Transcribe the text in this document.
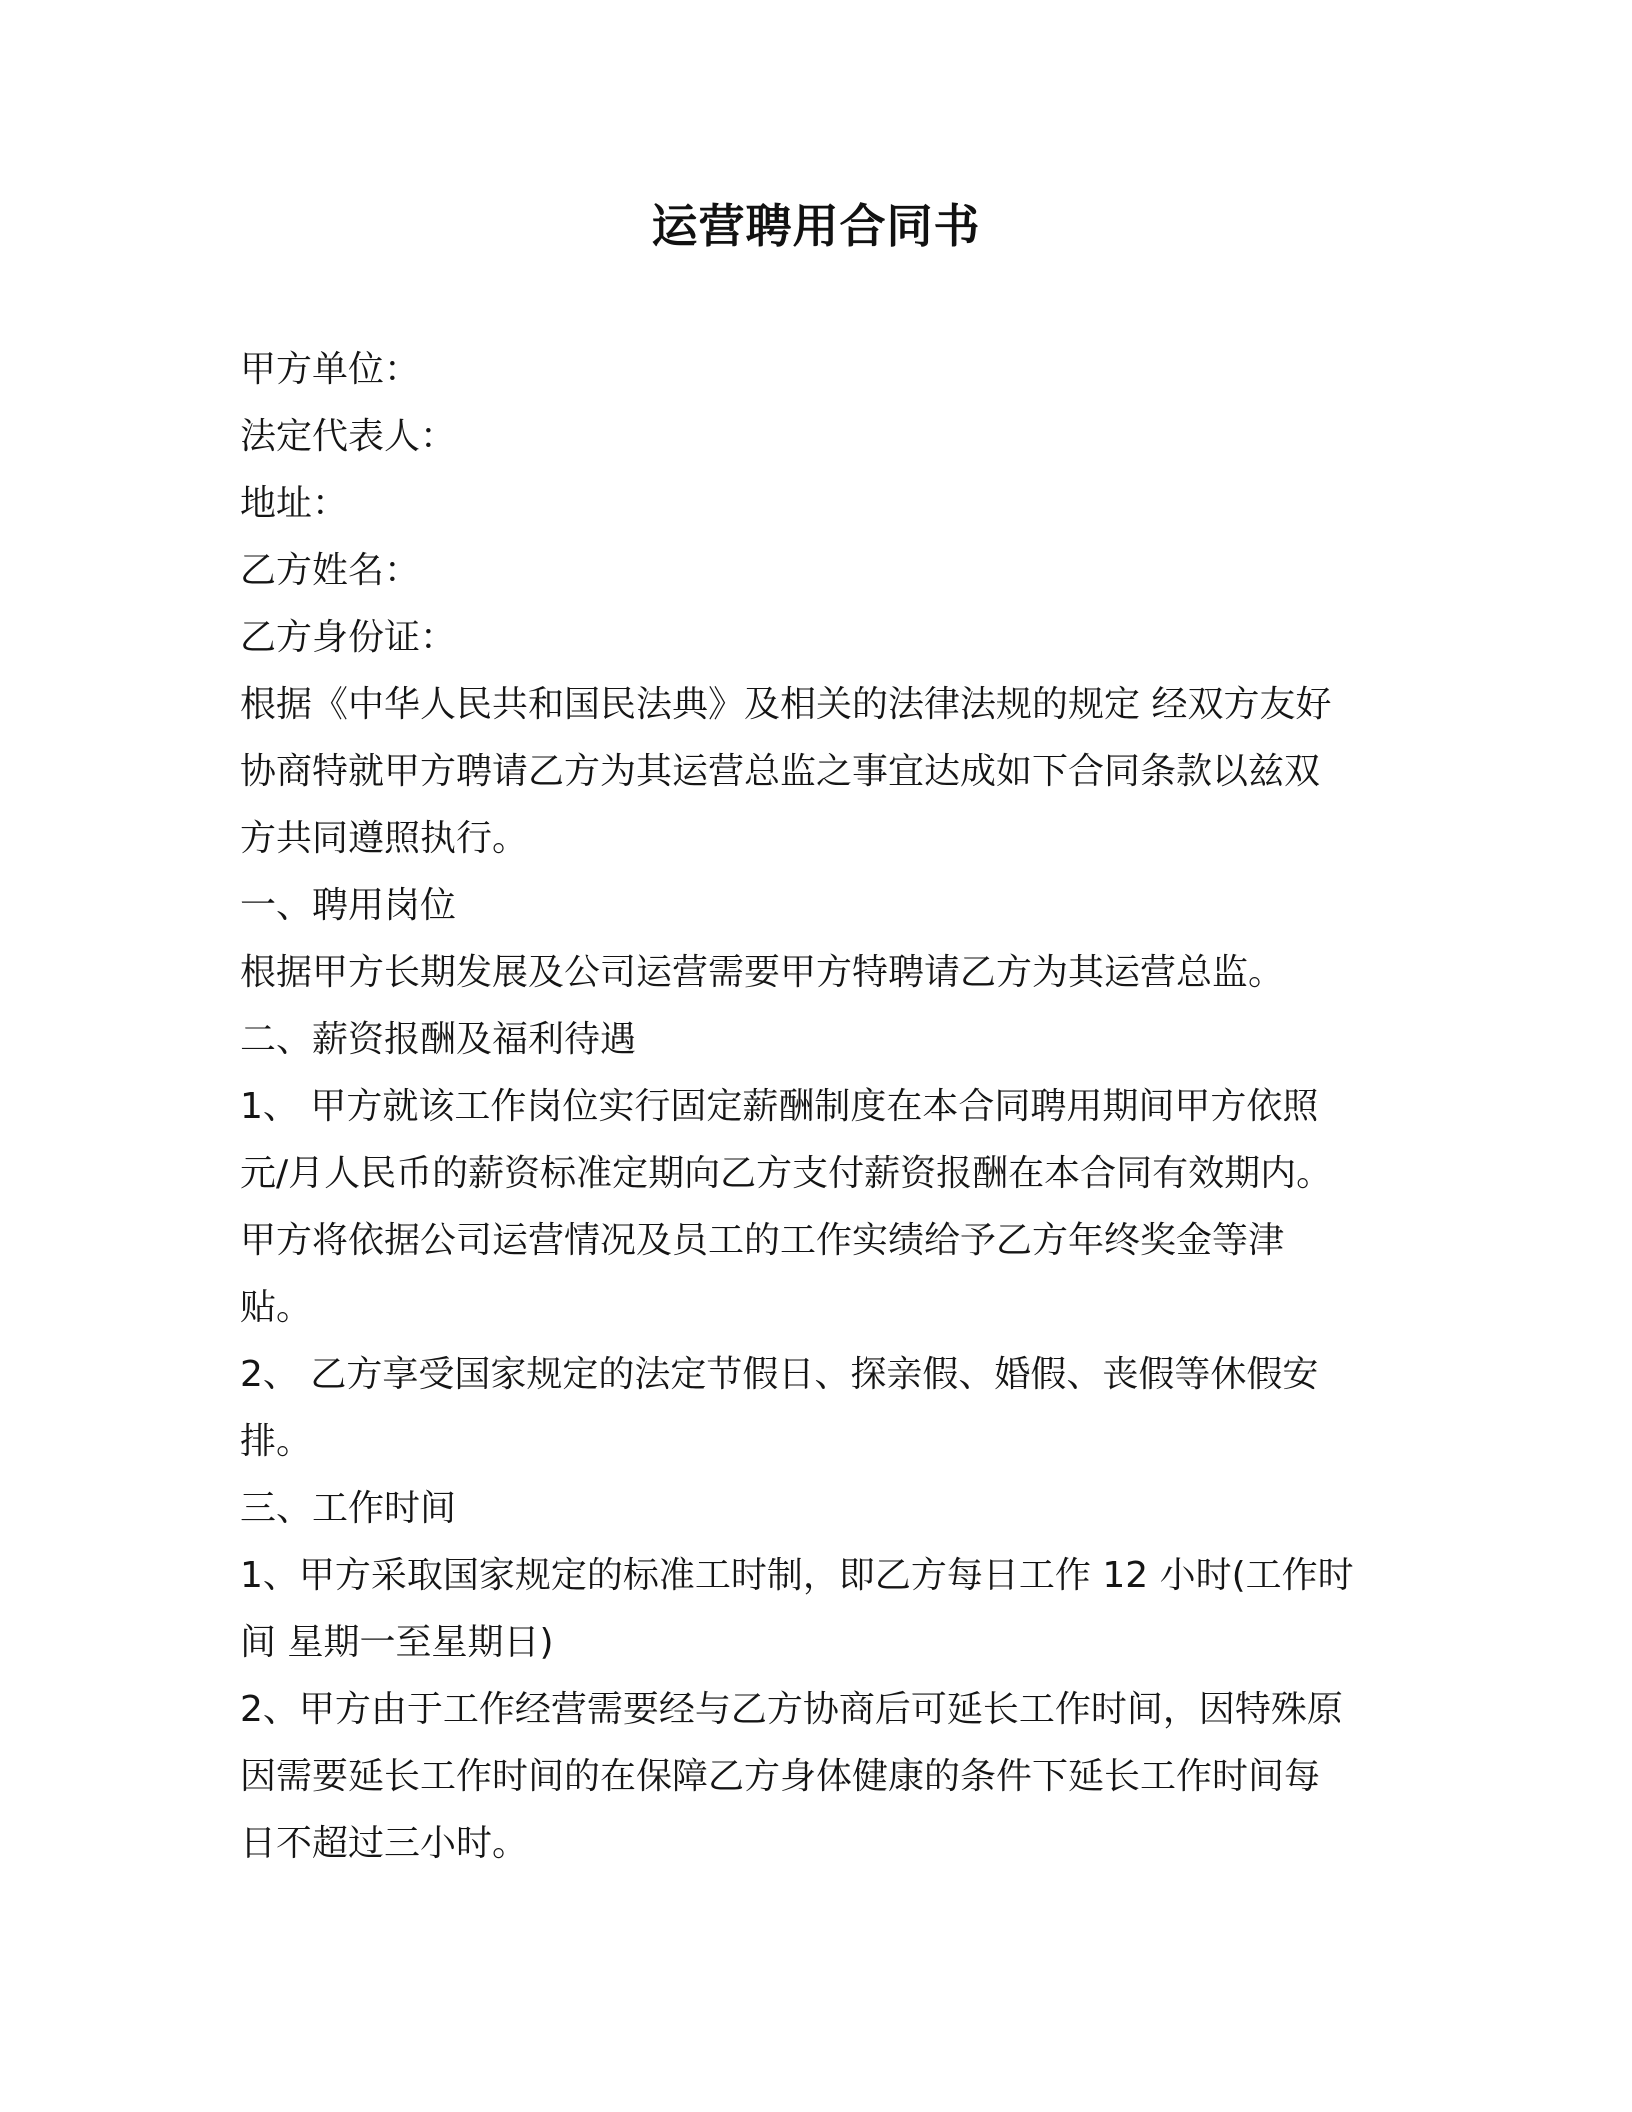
运营聘用合同书
甲方单位：
法定代表人：
地址：
乙方姓名：
乙方身份证：
根据《中华人民共和国民法典》及相关的法律法规的规定 经双方友好
协商特就甲方聘请乙方为其运营总监之事宜达成如下合同条款以兹双
方共同遵照执行。
一、聘用岗位
根据甲方长期发展及公司运营需要甲方特聘请乙方为其运营总监。
二、薪资报酬及福利待遇
1、 甲方就该工作岗位实行固定薪酬制度在本合同聘用期间甲方依照
元/月人民币的薪资标准定期向乙方支付薪资报酬在本合同有效期内。
甲方将依据公司运营情况及员工的工作实绩给予乙方年终奖金等津
贴。
2、 乙方享受国家规定的法定节假日、探亲假、婚假、丧假等休假安
排。
三、工作时间
1、甲方采取国家规定的标准工时制，即乙方每日工作 12 小时(工作时
间 星期一至星期日)
2、甲方由于工作经营需要经与乙方协商后可延长工作时间，因特殊原
因需要延长工作时间的在保障乙方身体健康的条件下延长工作时间每
日不超过三小时。
